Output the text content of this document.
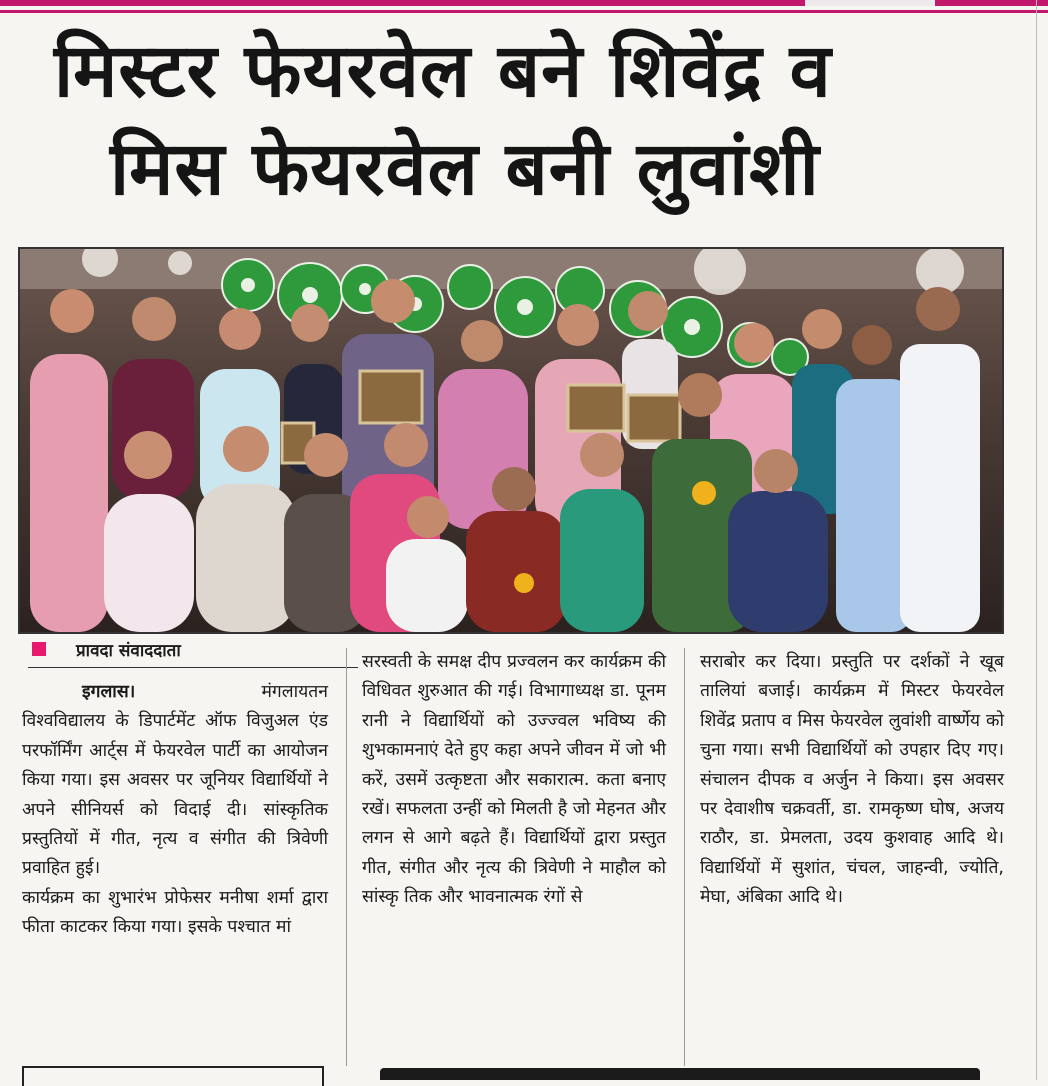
मिस्टर फेयरवेल बने शिवेंद्र व
मिस फेयरवेल बनी लुवांशी
प्रावदा संवाददाता

इगलास।	मंगलायतन विश्वविद्यालय के डिपार्टमेंट ऑफ विजुअल एंड परफॉर्मिंग आर्ट्स में फेयरवेल पार्टी का आयोजन किया गया। इस अवसर पर जूनियर विद्यार्थियों ने अपने सीनियर्स को विदाई दी। सांस्कृतिक प्रस्तुतियों में गीत, नृत्य व संगीत की त्रिवेणी प्रवाहित हुई।

कार्यक्रम का शुभारंभ प्रोफेसर मनीषा शर्मा द्वारा फीता काटकर किया गया। इसके पश्चात मां

सरस्वती के समक्ष दीप प्रज्वलन कर कार्यक्रम की विधिवत शुरुआत की गई। विभागाध्यक्ष डा. पूनम रानी ने विद्यार्थियों को उज्ज्वल भविष्य की शुभकामनाएं देते हुए कहा अपने जीवन में जो भी करें, उसमें उत्कृष्टता और सकारात्म. कता बनाए रखें। सफलता उन्हीं को मिलती है जो मेहनत और लगन से आगे बढ़ते हैं। विद्यार्थियों द्वारा प्रस्तुत गीत, संगीत और नृत्य की त्रिवेणी ने माहौल को सांस्कृ तिक और भावनात्मक रंगों से

सराबोर कर दिया। प्रस्तुति पर दर्शकों ने खूब तालियां बजाई। कार्यक्रम में मिस्टर फेयरवेल शिवेंद्र प्रताप व मिस फेयरवेल लुवांशी वार्ष्णेय को चुना गया। सभी विद्यार्थियों को उपहार दिए गए। संचालन दीपक व अर्जुन ने किया। इस अवसर पर देवाशीष चक्रवर्ती, डा. रामकृष्ण घोष, अजय राठौर, डा. प्रेमलता, उदय कुशवाह आदि थे। विद्यार्थियों में सुशांत, चंचल, जाहन्वी, ज्योति, मेघा, अंबिका आदि थे।
